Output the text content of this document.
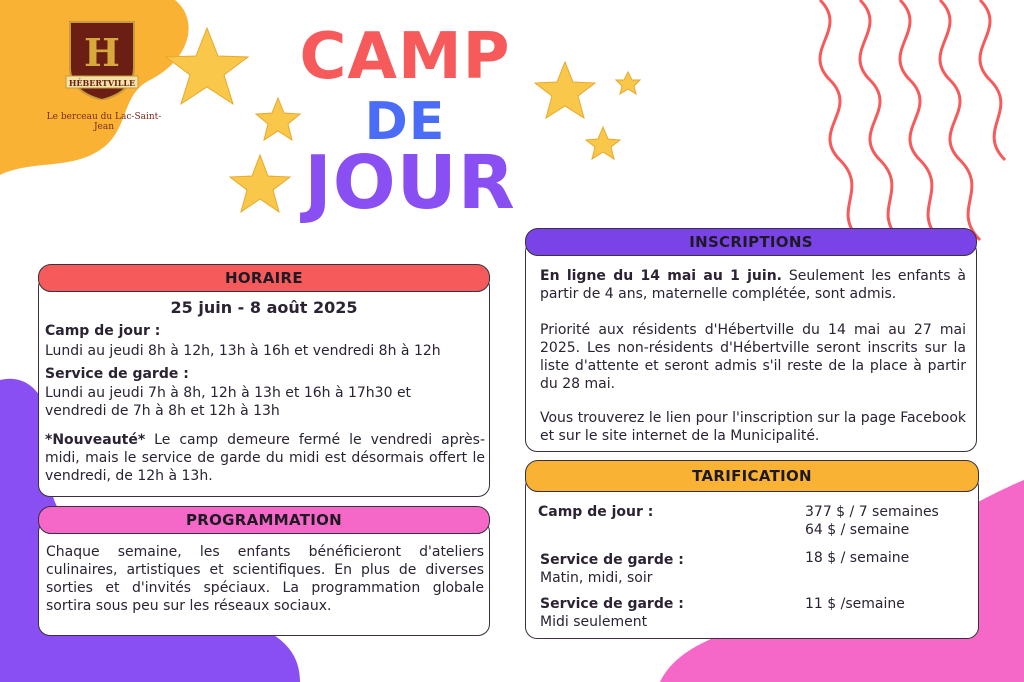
H
HÉBERTVILLE
Le berceau du Lac-Saint-Jean
CAMP
DE
JOUR
HORAIRE
25 juin - 8 août 2025
Camp de jour :
Lundi au jeudi 8h à 12h, 13h à 16h et vendredi 8h à 12h
Service de garde :
Lundi au jeudi 7h à 8h, 12h à 13h et 16h à 17h30 et vendredi de 7h à 8h et 12h à 13h
*Nouveauté* Le camp demeure fermé le vendredi après-midi, mais le service de garde du midi est désormais offert le vendredi, de 12h à 13h.
PROGRAMMATION
Chaque semaine, les enfants bénéficieront d'ateliers culinaires, artistiques et scientifiques. En plus de diverses sorties et d'invités spéciaux. La programmation globale sortira sous peu sur les réseaux sociaux.
INSCRIPTIONS
En ligne du 14 mai au 1 juin. Seulement les enfants à partir de 4 ans, maternelle complétée, sont admis.
Priorité aux résidents d'Hébertville du 14 mai au 27 mai 2025. Les non-résidents d'Hébertville seront inscrits sur la liste d'attente et seront admis s'il reste de la place à partir du 28 mai.
Vous trouverez le lien pour l'inscription sur la page Facebook et sur le site internet de la Municipalité.
TARIFICATION
Camp de jour :	377 $ / 7 semaines
64 $ / semaine
Service de garde :
Matin, midi, soir
18 $ / semaine
Service de garde :
Midi seulement
11 $ /semaine
